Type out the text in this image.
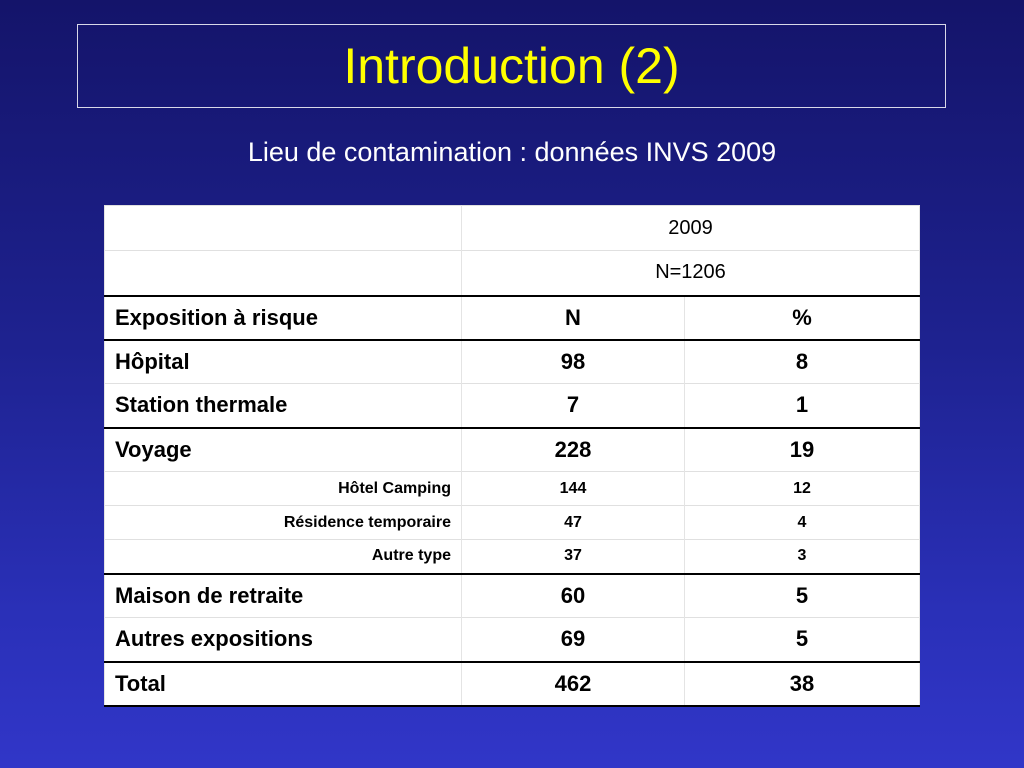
Introduction (2)
Lieu de contamination : données INVS 2009
	2009	
	N=1206	
Exposition à risque	N	%
Hôpital	98	8
Station thermale	7	1
Voyage	228	19
Hôtel Camping	144	12
Résidence temporaire	47	4
Autre type	37	3
Maison de retraite	60	5
Autres expositions	69	5
Total	462	38
